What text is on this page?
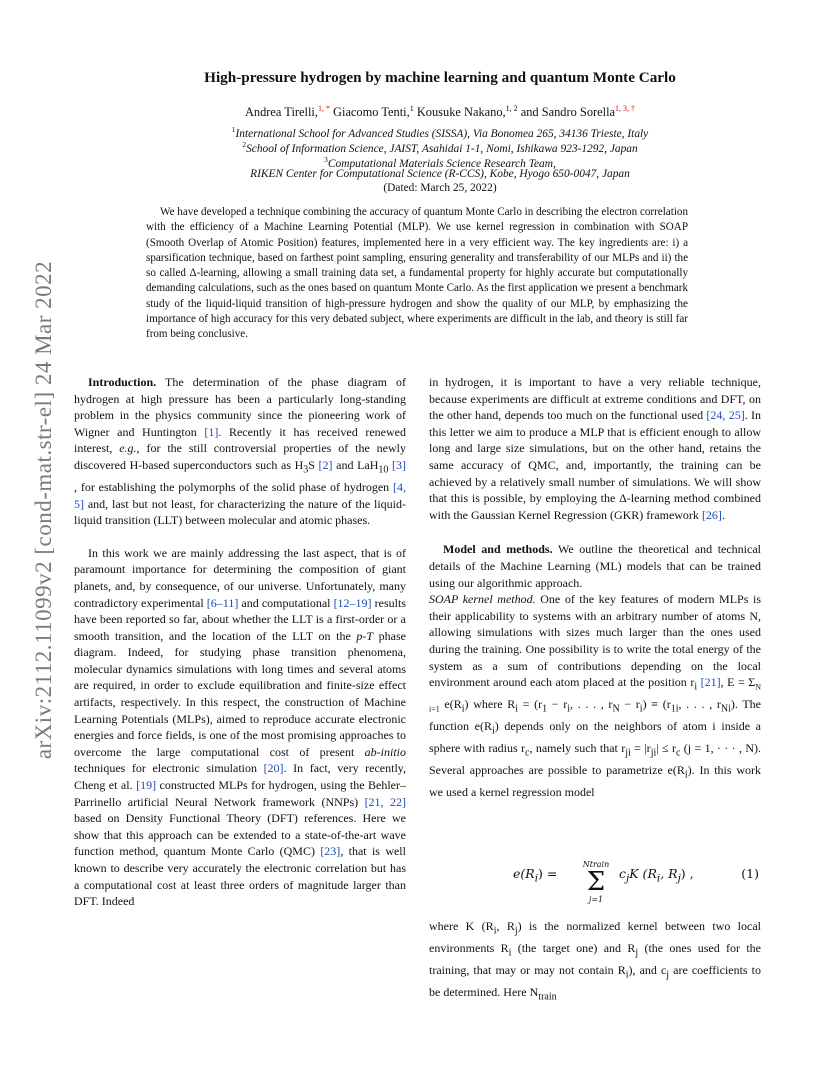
arXiv:2112.11099v2 [cond-mat.str-el] 24 Mar 2022
High-pressure hydrogen by machine learning and quantum Monte Carlo
Andrea Tirelli,$^{1, *}$ Giacomo Tenti,$^1$ Kousuke Nakano,$^{1, 2}$ and Sandro Sorella$^{1, 3, \dagger}$
$^1$International School for Advanced Studies (SISSA), Via Bonomea 265, 34136 Trieste, Italy
$^2$School of Information Science, JAIST, Asahidai 1-1, Nomi, Ishikawa 923-1292, Japan
$^3$Computational Materials Science Research Team,
RIKEN Center for Computational Science (R-CCS), Kobe, Hyogo 650-0047, Japan
(Dated: March 25, 2022)
We have developed a technique combining the accuracy of quantum Monte Carlo in describing the electron correlation with the efficiency of a Machine Learning Potential (MLP). We use kernel regression in combination with SOAP (Smooth Overlap of Atomic Position) features, implemented here in a very efficient way. The key ingredients are: i) a sparsification technique, based on farthest point sampling, ensuring generality and transferability of our MLPs and ii) the so called Δ-learning, allowing a small training data set, a fundamental property for highly accurate but computationally demanding calculations, such as the ones based on quantum Monte Carlo. As the first application we present a benchmark study of the liquid-liquid transition of high-pressure hydrogen and show the quality of our MLP, by emphasizing the importance of high accuracy for this very debated subject, where experiments are difficult in the lab, and theory is still far from being conclusive.

Introduction. The determination of the phase diagram of hydrogen at high pressure has been a particularly long-standing problem in the physics community since the pioneering work of Wigner and Huntington [1]. Recently it has received renewed interest, e.g., for the still controversial properties of the newly discovered H-based superconductors such as $H_3S$ [2] and LaH$_{10}$ [3] , for establishing the polymorphs of the solid phase of hydrogen [4, 5] and, last but not least, for characterizing the nature of the liquid-liquid transition (LLT) between molecular and atomic phases.

In this work we are mainly addressing the last aspect, that is of paramount importance for determining the composition of giant planets, and, by consequence, of our universe. Unfortunately, many contradictory experimental [6–11] and computational [12–19] results have been reported so far, about whether the LLT is a first-order or a smooth transition, and the location of the LLT on the p-T phase diagram. Indeed, for studying phase transition phenomena, molecular dynamics simulations with long times and several atoms are required, in order to exclude equilibration and finite-size effect artifacts, respectively. In this respect, the construction of Machine Learning Potentials (MLPs), aimed to reproduce accurate electronic energies and force fields, is one of the most promising approaches to overcome the large computational cost of present ab-initio techniques for electronic simulation [20]. In fact, very recently, Cheng et al. [19] constructed MLPs for hydrogen, using the Behler–Parrinello artificial Neural Network framework (NNPs) [21, 22] based on Density Functional Theory (DFT) references. Here we show that this approach can be extended to a state-of-the-art wave function method, quantum Monte Carlo (QMC) [23], that is well known to describe very accurately the electronic correlation but has a computational cost at least three orders of magnitude larger than DFT. Indeed

in hydrogen, it is important to have a very reliable technique, because experiments are difficult at extreme conditions and DFT, on the other hand, depends too much on the functional used [24, 25]. In this letter we aim to produce a MLP that is efficient enough to allow long and large size simulations, but on the other hand, retains the same accuracy of QMC, and, importantly, the training can be achieved by a relatively small number of simulations. We will show that this is possible, by employing the Δ-learning method combined with the Gaussian Kernel Regression (GKR) framework [26].

Model and methods. We outline the theoretical and technical details of the Machine Learning (ML) models that can be trained using our algorithmic approach.

SOAP kernel method. One of the key features of modern MLPs is their applicability to systems with an arbitrary number of atoms N, allowing simulations with sizes much larger than the ones used during the training. One possibility is to write the total energy of the system as a sum of contributions depending on the local environment around each atom placed at the position $r_i$ [21], $E = \Sigma_{N i=1}$ $e(R_i)$ where $R_i = (r_1 - r_i$, . . . , $r_N - r_i) \equiv (r_{1i}$, . . . , $r_{Ni}$). The function $e(R_i)$ depends only on the neighbors of atom i inside a sphere with radius $r_c$, namely such that $r_{ji} = |r_{ji}| \le r_c$ (j = 1, · · · , N). Several approaches are possible to parametrize $e(R_i)$. In this work we used a kernel regression model

$e(R_i)$ =
Ntrain
Σ
j=1
$c_jK$ ($R_i$, $R_j$) ,	(1)

where K ($R_i$, $R_j$) is the normalized kernel between two local environments $R_i$ (the target one) and $R_j$ (the ones used for the training, that may or may not contain $R_i$), and $c_j$ are coefficients to be determined. Here $N_{train}$
